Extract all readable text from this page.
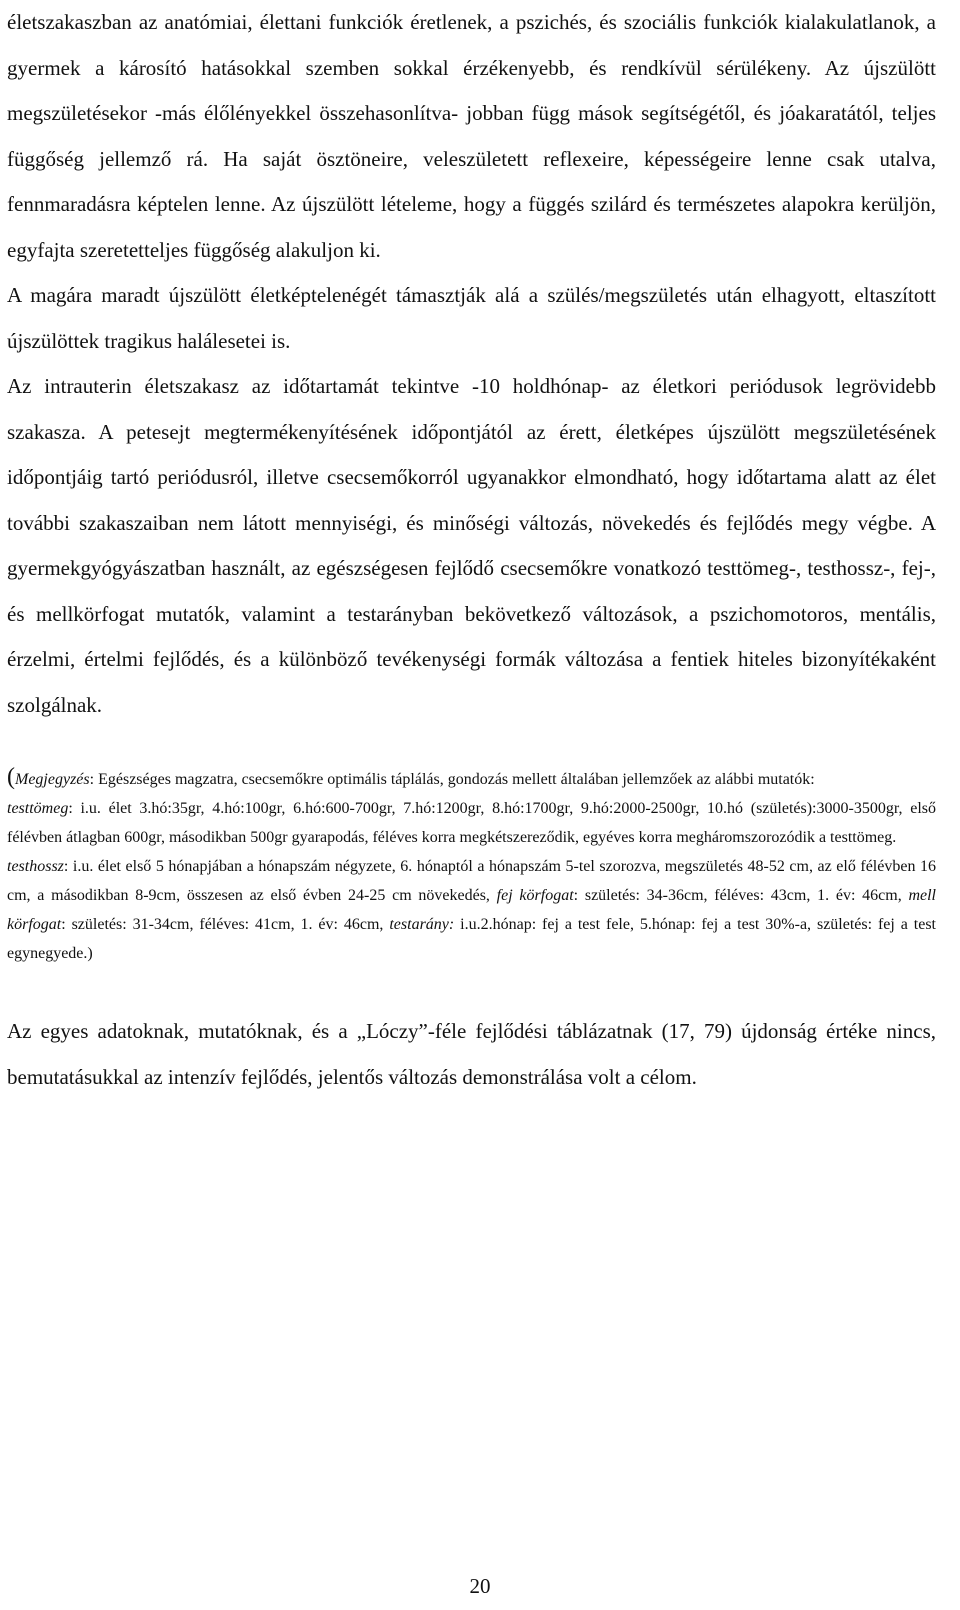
életszakaszban az anatómiai, élettani funkciók éretlenek, a pszichés, és szociális funkciók kialakulatlanok, a gyermek a károsító hatásokkal szemben sokkal érzékenyebb, és rendkívül sérülékeny. Az újszülött megszületésekor -más élőlényekkel összehasonlítva- jobban függ mások segítségétől, és jóakaratától, teljes függőség jellemző rá. Ha saját ösztöneire, veleszületett reflexeire, képességeire lenne csak utalva, fennmaradásra képtelen lenne. Az újszülött lételeme, hogy a függés szilárd és természetes alapokra kerüljön, egyfajta szeretetteljes függőség alakuljon ki.

A magára maradt újszülött életképtelenégét támasztják alá a szülés/megszületés után elhagyott, eltaszított újszülöttek tragikus halálesetei is.

Az intrauterin életszakasz az időtartamát tekintve -10 holdhónap- az életkori periódusok legrövidebb szakasza. A petesejt megtermékenyítésének időpontjától az érett, életképes újszülött megszületésének időpontjáig tartó periódusról, illetve csecsemőkorról ugyanakkor elmondható, hogy időtartama alatt az élet további szakaszaiban nem látott mennyiségi, és minőségi változás, növekedés és fejlődés megy végbe. A gyermekgyógyászatban használt, az egészségesen fejlődő csecsemőkre vonatkozó testtömeg-, testhossz-, fej-, és mellkörfogat mutatók, valamint a testarányban bekövetkező változások, a pszichomotoros, mentális, érzelmi, értelmi fejlődés, és a különböző tevékenységi formák változása a fentiek hiteles bizonyítékaként szolgálnak.

(Megjegyzés: Egészséges magzatra, csecsemőkre optimális táplálás, gondozás mellett általában jellemzőek az alábbi mutatók:

testtömeg: i.u. élet 3.hó:35gr, 4.hó:100gr, 6.hó:600-700gr, 7.hó:1200gr, 8.hó:1700gr, 9.hó:2000-2500gr, 10.hó (születés):3000-3500gr, első félévben átlagban 600gr, másodikban 500gr gyarapodás, féléves korra megkétszereződik, egyéves korra megháromszorozódik a testtömeg.

testhossz: i.u. élet első 5 hónapjában a hónapszám négyzete, 6. hónaptól a hónapszám 5-tel szorozva, megszületés 48-52 cm, az elő félévben 16 cm, a másodikban 8-9cm, összesen az első évben 24-25 cm növekedés, fej körfogat: születés: 34-36cm, féléves: 43cm, 1. év: 46cm, mell körfogat: születés: 31-34cm, féléves: 41cm, 1. év: 46cm, testarány: i.u.2.hónap: fej a test fele, 5.hónap: fej a test 30%-a, születés: fej a test egynegyede.)

Az egyes adatoknak, mutatóknak, és a „Lóczy”-féle fejlődési táblázatnak (17, 79) újdonság értéke nincs, bemutatásukkal az intenzív fejlődés, jelentős változás demonstrálása volt a célom.

20
